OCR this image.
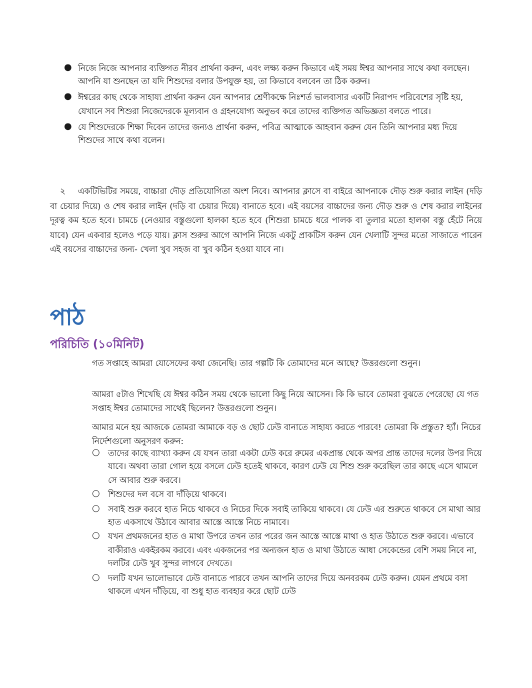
● নিজে নিজে আপনার ব্যক্তিগত নীরব প্রার্থনা করুন, এবং লক্ষ্য করুন কিভাবে এই সময় ঈশ্বর আপনার সাথে কথা বলছেন। আপনি যা শুনছেন তা যদি শিশুদের বলার উপযুক্ত হয়, তা কিভাবে বলবেন তা ঠিক করুন।
● ঈশ্বরের কাছ থেকে সাহায্য প্রার্থনা করুন যেন আপনার শ্রেণীকক্ষে নিঃশর্ত ভালবাসার একটি নিরাপদ পরিবেশের সৃষ্টি হয়, যেখানে সব শিশুরা নিজেদেরকে মূল্যবান ও গ্রহনযোগ্য অনুভব করে তাদের ব্যক্তিগত অভিজ্ঞতা বলতে পারে।
● যে শিশুদেরকে শিক্ষা দিবেন তাদের জন্যও প্রার্থনা করুন, পবিত্র আত্মাকে আহবান করুন যেন তিনি আপনার মধ্য দিয়ে শিশুদের সাথে কথা বলেন।

২ একটিভিটির সময়ে, বাচ্চারা দৌড় প্রতিযোগিতা অংশ নিবে। আপনার ক্লাসে বা বাইরে আপনাকে দৌড় শুরু করার লাইন (দড়ি বা চেয়ার দিয়ে) ও শেষ করার লাইন (দড়ি বা চেয়ার দিয়ে) বানাতে হবে। এই বয়সের বাচ্চাদের জন্য দৌড় শুরু ও শেষ করার লাইনের দূরত্ব কম হতে হবে। চামচে (নেওয়ার বস্তুগুলো হালকা হতে হবে (শিশুরা চামচে ধরে পালক বা তুলার মতো হালকা বস্তু হেঁটে নিয়ে যাবে) যেন একবার হলেও পড়ে যায়। ক্লাস শুরুর আগে আপনি নিজে একটু প্রাকটিস করুন যেন খেলাটি সুন্দর মতো সাজাতে পারেন এই বয়সের বাচ্চাদের জন্য- খেলা খুব সহজ বা খুব কঠিন হওয়া যাবে না।

পাঠ
পরিচিতি (১০মিনিট)

গত সপ্তাহে আমরা যোসেফের কথা জেনেছি। তার গল্পটি কি তোমাদের মনে আছে? উত্তরগুলো শুনুন।

আমরা ৫টাও শিখেছি যে ঈশ্বর কঠিন সময় থেকে ভালো কিছু নিয়ে আসেন। কি কি ভাবে তোমরা বুঝতে পেরেছো যে গত সপ্তাহ ঈশ্বর তোমাদের সাথেই ছিলেন? উত্তরগুলো শুনুন।

আমার মনে হয় আজকে তোমরা আমাকে বড় ও ছোট ঢেউ বানাতে সাহায্য করতে পারবে! তোমরা কি প্রস্তুত? হ্যাঁ। নিচের নির্দেশগুলো অনুসরণ করুন:

○ তাদের কাছে ব্যাখ্যা করুন যে যখন তারা একটা ঢেউ করে রুমের একপ্রান্ত থেকে অপর প্রান্ত তাদের দলের উপর দিয়ে যাবে। অথবা তারা গোল হয়ে বসলে ঢেউ হতেই থাকবে, কারণ ঢেউ যে শিশু শুরু করেছিল তার কাছে এসে থামলে সে আবার শুরু করবে।
○ শিশুদের দল বসে বা দাঁড়িয়ে থাকবে।
○ সবাই শুরু করবে হাত নিচে থাকবে ও নিচের দিকে সবাই তাকিয়ে থাকবে। যে ঢেউ এর শুরুতে থাকবে সে মাথা আর হাত একসাথে উঠাবে আবার আস্তে আস্তে নিচে নামাবে।
○ যখন প্রথমজনের হাত ও মাথা উপরে তখন তার পরের জন আস্তে আস্তে মাথা ও হাত উঠাতে শুরু করবে। এভাবে বাকীরাও একইরকম করবে। এবং একজনের পর অন্যজন হাত ও মাথা উঠাতে আধা সেকেন্ডের বেশি সময় নিবে না, দলটির ঢেউ খুব সুন্দর লাগবে দেখতে।
○ দলটি যখন ভালোভাবে ঢেউ বানাতে পারবে তখন আপনি তাদের দিয়ে অনবরকম ঢেউ করুন। যেমন প্রথমে বসা থাকলে এখন দাঁড়িয়ে, বা শুধু হাত ব্যবহার করে ছোট ঢেউ
